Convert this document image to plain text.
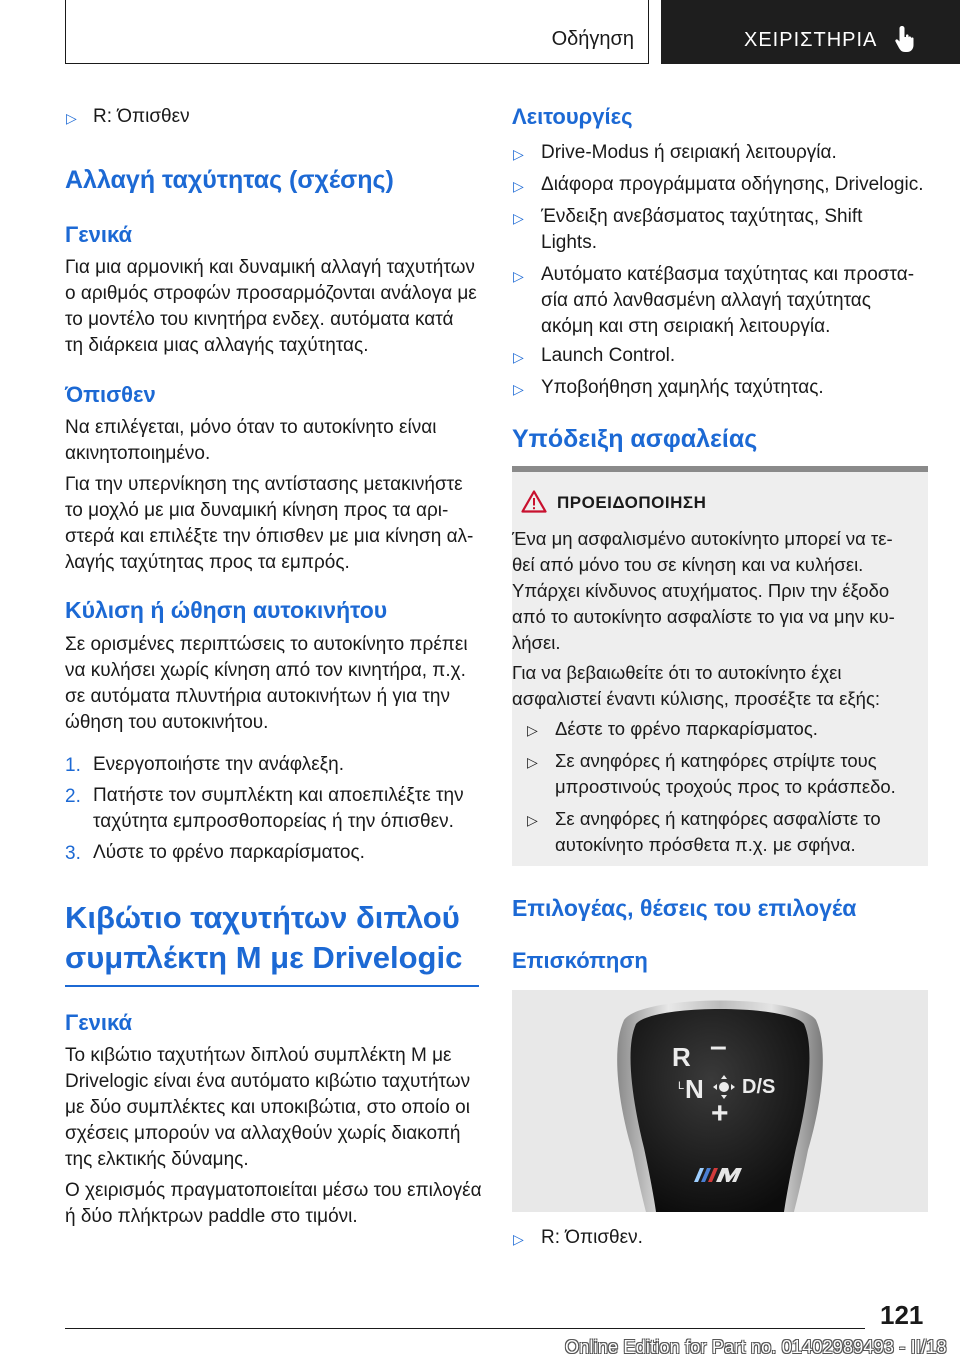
Οδήγηση	ΧΕΙΡΙΣΤΗΡΙΑ
▷ R: Όπισθεν
Αλλαγή ταχύτητας (σχέσης)
Γενικά
Για μια αρμονική και δυναμική αλλαγή ταχυτήτων
ο αριθμός στροφών προσαρμόζονται ανάλογα με
το μοντέλο του κινητήρα ενδεχ. αυτόματα κατά
τη διάρκεια μιας αλλαγής ταχύτητας.
Όπισθεν
Να επιλέγεται, μόνο όταν το αυτοκίνητο είναι
ακινητοποιημένο.
Για την υπερνίκηση της αντίστασης μετακινήστε
το μοχλό με μια δυναμική κίνηση προς τα αρι-
στερά και επιλέξτε την όπισθεν με μια κίνηση αλ-
λαγής ταχύτητας προς τα εμπρός.
Κύλιση ή ώθηση αυτοκινήτου
Σε ορισμένες περιπτώσεις το αυτοκίνητο πρέπει
να κυλήσει χωρίς κίνηση από τον κινητήρα, π.χ.
σε αυτόματα πλυντήρια αυτοκινήτων ή για την
ώθηση του αυτοκινήτου.
1. Ενεργοποιήστε την ανάφλεξη.
2. Πατήστε τον συμπλέκτη και αποεπιλέξτε την
ταχύτητα εμπροσθοπορείας ή την όπισθεν.
3. Λύστε το φρένο παρκαρίσματος.
Κιβώτιο ταχυτήτων διπλού
συμπλέκτη M με Drivelogic
Γενικά
Το κιβώτιο ταχυτήτων διπλού συμπλέκτη M με
Drivelogic είναι ένα αυτόματο κιβώτιο ταχυτήτων
με δύο συμπλέκτες και υποκιβώτια, στο οποίο οι
σχέσεις μπορούν να αλλαχθούν χωρίς διακοπή
της ελκτικής δύναμης.
Ο χειρισμός πραγματοποιείται μέσω του επιλογέα
ή δύο πλήκτρων paddle στο τιμόνι.
Λειτουργίες
▷ Drive-Modus ή σειριακή λειτουργία.
▷ Διάφορα προγράμματα οδήγησης, Drivelogic.
▷ Ένδειξη ανεβάσματος ταχύτητας, Shift
Lights.
▷ Αυτόματο κατέβασμα ταχύτητας και προστα-
σία από λανθασμένη αλλαγή ταχύτητας
ακόμη και στη σειριακή λειτουργία.
▷ Launch Control.
▷ Υποβοήθηση χαμηλής ταχύτητας.
Υπόδειξη ασφαλείας
ΠΡΟΕΙΔΟΠΟΙΗΣΗ
Ένα μη ασφαλισμένο αυτοκίνητο μπορεί να τε-
θεί από μόνο του σε κίνηση και να κυλήσει.
Υπάρχει κίνδυνος ατυχήματος. Πριν την έξοδο
από το αυτοκίνητο ασφαλίστε το για να μην κυ-
λήσει.
Για να βεβαιωθείτε ότι το αυτοκίνητο έχει
ασφαλιστεί έναντι κύλισης, προσέξτε τα εξής:
▷ Δέστε το φρένο παρκαρίσματος.
▷ Σε ανηφόρες ή κατηφόρες στρίψτε τους
μπροστινούς τροχούς προς το κράσπεδο.
▷ Σε ανηφόρες ή κατηφόρες ασφαλίστε το
αυτοκίνητο πρόσθετα π.χ. με σφήνα.
Επιλογέας, θέσεις του επιλογέα
Επισκόπηση
R –
L N D/S
+
▷ R: Όπισθεν.
121
Online Edition for Part no. 01402989493 - II/18
